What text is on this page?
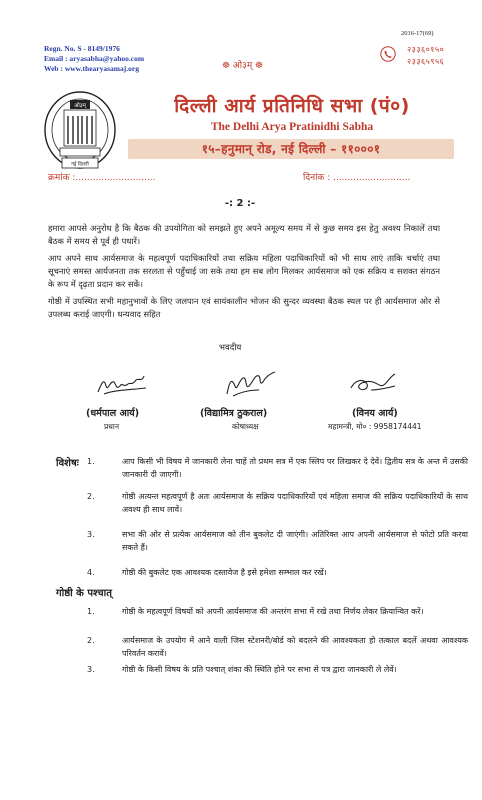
Regn. No. S - 8149/1976
Email : aryasabha@yahoo.com
Web : www.thearyasamaj.org	☸ ओ३म् ☸
2016-17(69)
२३३६०१५०
२३३६५९५६
ओ३म्
नई दिल्ली
दिल्ली आर्य प्रतिनिधि सभा (पं०)
The Delhi Arya Pratinidhi Sabha
१५–हनुमान् रोड, नई दिल्ली – ११०००१
क्रमांक :............................	दिनांक : ...........................
-: 2 :-
हमारा आपसे अनुरोध है कि बैठक की उपयोगिता को समझते हुए अपने अमूल्य समय में से कुछ समय इस हेतु अवश्य निकालें तथा बैठक में समय से पूर्व ही पधारें।
आप अपने साथ आर्यसमाज के महत्वपूर्ण पदाधिकारियों तथा सक्रिय महिला पदाधिकारियों को भी साथ लाएं ताकि चर्चाएं तथा सूचनाएं समस्त आर्यजनता तक सरलता से पहुँचाई जा सके तथा हम सब लोग मिलकर आर्यसमाज को एक सक्रिय व सशक्त संगठन के रूप में दृढ़ता प्रदान कर सकें।
गोष्ठी में उपस्थित सभी महानुभावों के लिए जलपान एवं सायंकालीन भोजन की सुन्दर व्यवस्था बैठक स्थल पर ही आर्यसमाज ओर से उपलब्ध कराई जाएगी। धन्यवाद सहित
भवदीय
(धर्मपाल आर्य)	(विद्यामित्र ठुकराल)	(विनय आर्य)
प्रधान	कोषाध्यक्ष	महामन्त्री, मो० : 9958174441
विशेषः 1.	आप किसी भी विषय में जानकारी लेना चाहें तो प्रथम सत्र में एक स्लिप पर लिखकर दे देवें। द्वितीय सत्र के अन्त में उसकी जानकारी दी जाएगी।
2.	गोष्ठी अत्यन्त महत्वपूर्ण है अतः आर्यसमाज के सक्रिय पदाधिकारियों एवं महिला समाज की सक्रिय पदाधिकारियों के साथ अवश्य ही साथ लावें।
3.	सभा की ओर से प्रत्येक आर्यसमाज को तीन बुकलेट दी जाएंगी। अतिरिक्त आप अपनी आर्यसमाज से फोटो प्रति करवा सकते हैं।
4.	गोष्ठी की बुकलेट एक आवश्यक दस्तावेज है इसे हमेशा सम्भाल कर रखें।
गोष्ठी के पश्चात्
1.	गोष्ठी के महत्वपूर्ण विषयों को अपनी आर्यसमाज की अन्तरंग सभा में रखे तथा निर्णय लेकर क्रियान्वित करें।
2.	आर्यसमाज के उपयोग में आने वाली जिस स्टेशनरी/बोर्ड को बदलने की आवश्यकता हो तत्काल बदलें अथवा आवश्यक परिवर्तन करावें।
3.	गोष्ठी के किसी विषय के प्रति पश्चात् शंका की स्थिति होने पर सभा से पत्र द्वारा जानकारी ले लेवें।
